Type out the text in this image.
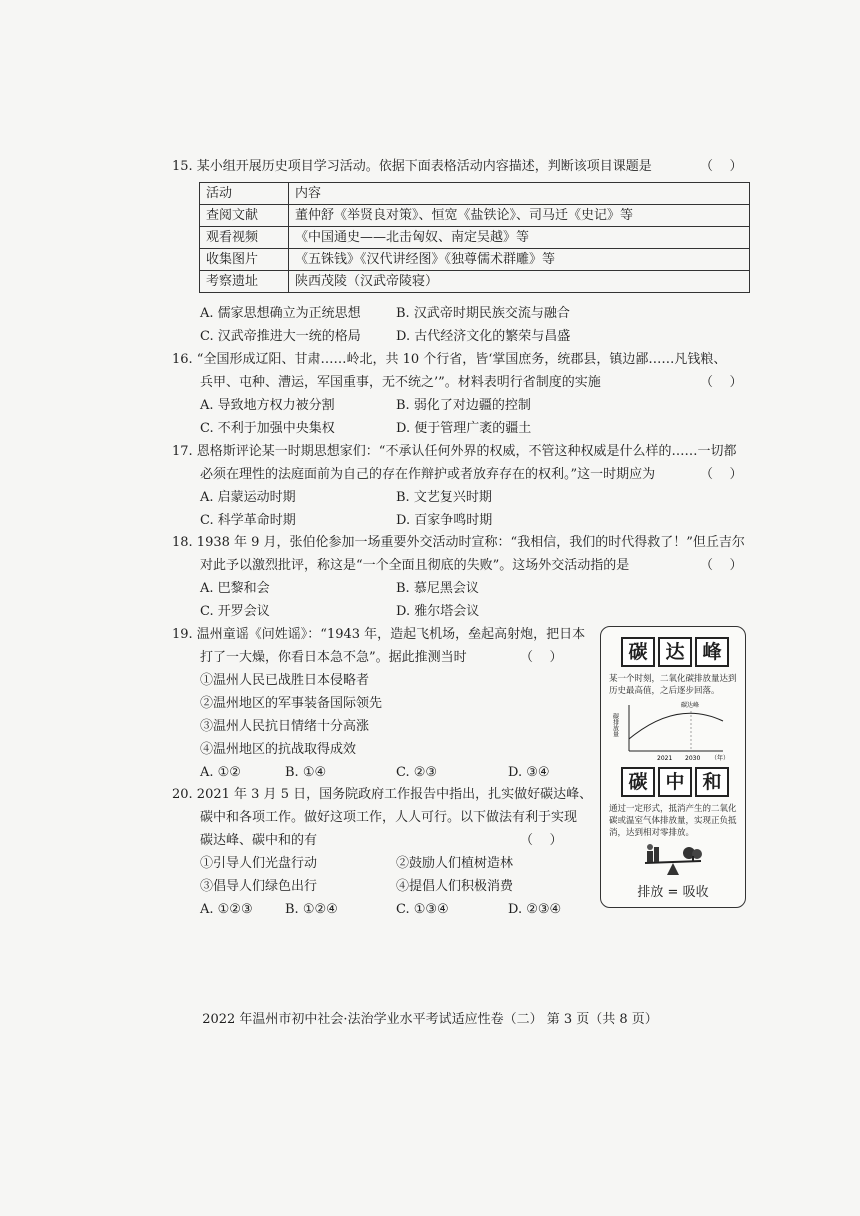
15. 某小组开展历史项目学习活动。依据下面表格活动内容描述，判断该项目课题是	（    ）
活动	内容
查阅文献	董仲舒《举贤良对策》、恒宽《盐铁论》、司马迁《史记》等
观看视频	《中国通史——北击匈奴、南定吴越》等
收集图片	《五铢钱》《汉代讲经图》《独尊儒术群雕》等
考察遗址	陕西茂陵（汉武帝陵寝）
A. 儒家思想确立为正统思想	B. 汉武帝时期民族交流与融合
C. 汉武帝推进大一统的格局	D. 古代经济文化的繁荣与昌盛
16. “全国形成辽阳、甘肃……岭北，共 10 个行省，皆‘掌国庶务，统郡县，镇边鄙……凡钱粮、
兵甲、屯种、漕运，军国重事，无不统之’”。材料表明行省制度的实施	（    ）
A. 导致地方权力被分割	B. 弱化了对边疆的控制
C. 不利于加强中央集权	D. 便于管理广袤的疆土
17. 恩格斯评论某一时期思想家们：“不承认任何外界的权威，不管这种权威是什么样的……一切都
必须在理性的法庭面前为自己的存在作辩护或者放弃存在的权利。”这一时期应为	（    ）
A. 启蒙运动时期	B. 文艺复兴时期
C. 科学革命时期	D. 百家争鸣时期
18. 1938 年 9 月，张伯伦参加一场重要外交活动时宣称：“我相信，我们的时代得救了！”但丘吉尔
对此予以激烈批评，称这是“一个全面且彻底的失败”。这场外交活动指的是	（    ）
A. 巴黎和会	B. 慕尼黑会议
C. 开罗会议	D. 雅尔塔会议
19. 温州童谣《问姓谣》：“1943 年，造起飞机场，垒起高射炮，把日本
打了一大燥，你看日本急不急”。据此推测当时	（    ）
①温州人民已战胜日本侵略者
②温州地区的军事装备国际领先
③温州人民抗日情绪十分高涨
④温州地区的抗战取得成效
A. ①②	B. ①④	C. ②③	D. ③④
20. 2021 年 3 月 5 日，国务院政府工作报告中指出，扎实做好碳达峰、
碳中和各项工作。做好这项工作，人人可行。以下做法有利于实现
碳达峰、碳中和的有	（    ）
①引导人们光盘行动	②鼓励人们植树造林
③倡导人们绿色出行	④提倡人们积极消费
A. ①②③ B. ①②④	C. ①③④	D. ②③④
碳 达 峰
某一个时刻，二氧化碳排放量达到历史最高值，之后逐步回落。
碳排放量
碳达峰
2021 2030 （年）
碳 中 和
通过一定形式，抵消产生的二氧化碳或温室气体排放量，实现正负抵消，达到相对零排放。
排放 = 吸收
2022 年温州市初中社会·法治学业水平考试适应性卷（二） 第 3 页（共 8 页）
